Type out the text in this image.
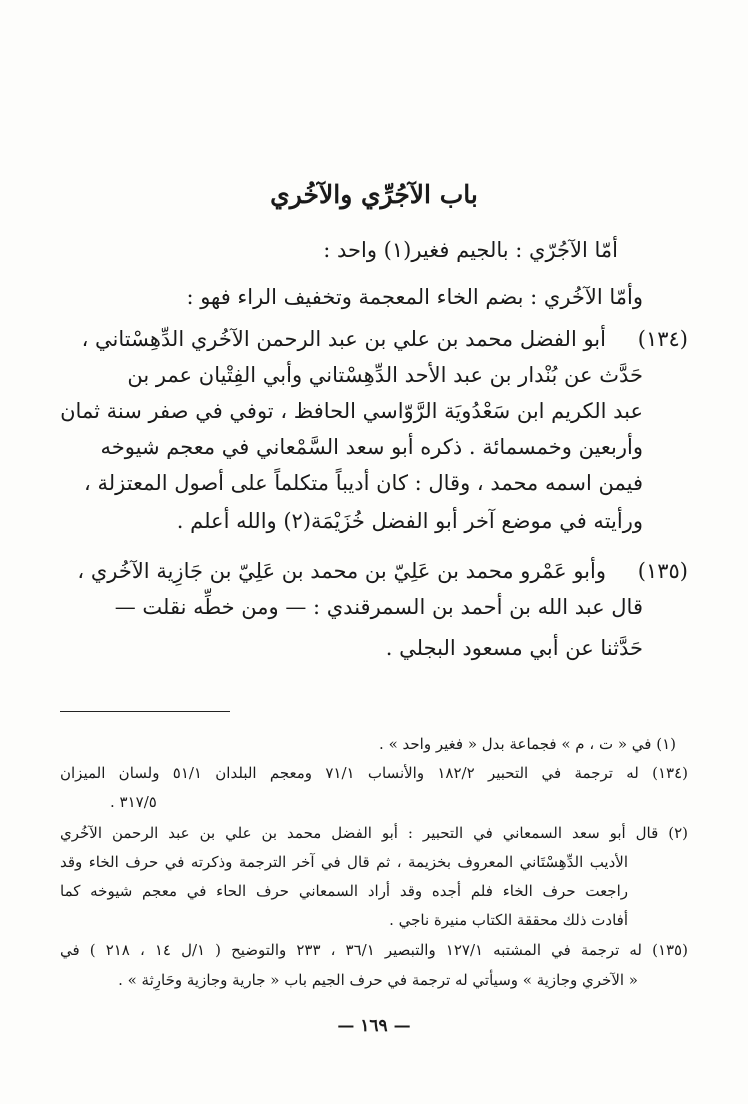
باب الآجُرِّي والآخُري
أمّا الآجُرّي : بالجيم فغير(١) واحد :
وأمّا الآخُري : بضم الخاء المعجمة وتخفيف الراء فهو :
(١٣٤)
أبو الفضل محمد بن علي بن عبد الرحمن الآخُري الدِّهِسْتاني ،
حَدَّث عن بُنْدار بن عبد الأحد الدِّهِسْتاني وأبي الفِتْيان عمر بن
عبد الكريم ابن سَعْدُويَة الرَّوّاسي الحافظ ، توفي في صفر سنة ثمان
وأربعين وخمسمائة . ذكره أبو سعد السَّمْعاني في معجم شيوخه
فيمن اسمه محمد ، وقال : كان أديباً متكلماً على أصول المعتزلة ،
ورأيته في موضع آخر أبو الفضل خُزَيْمَة(٢) والله أعلم .
(١٣٥)
وأبو عَمْرو محمد بن عَلِيّ بن محمد بن عَلِيّ بن جَازِية الآخُري ،
قال عبد الله بن أحمد بن السمرقندي : — ومن خطِّه نقلت —
حَدَّثنا عن أبي مسعود البجلي .
(١) في « ت ، م » فجماعة بدل « فغير واحد » .
(١٣٤) له ترجمة في التحبير ١٨٢/٢ والأنساب ٧١/١ ومعجم البلدان ٥١/١ ولسان الميزان
٣١٧/٥ .
(٢) قال أبو سعد السمعاني في التحبير : أبو الفضل محمد بن علي بن عبد الرحمن الآخُري
الأديب الدِّهِسْتَاني المعروف بخزيمة ، ثم قال في آخر الترجمة وذكرته في حرف الخاء وقد
راجعت حرف الخاء فلم أجده وقد أراد السمعاني حرف الحاء في معجم شيوخه كما
أفادت ذلك محققة الكتاب منيرة ناجي .
(١٣٥) له ترجمة في المشتبه ١٢٧/١ والتبصير ٣٦/١ ، ٢٣٣ والتوضيح ( ١/ل ١٤ ، ٢١٨ ) في
« الآخري وجازية » وسيأتي له ترجمة في حرف الجيم باب « جارية وجازية وحَارِثة » .
— ١٦٩ —
